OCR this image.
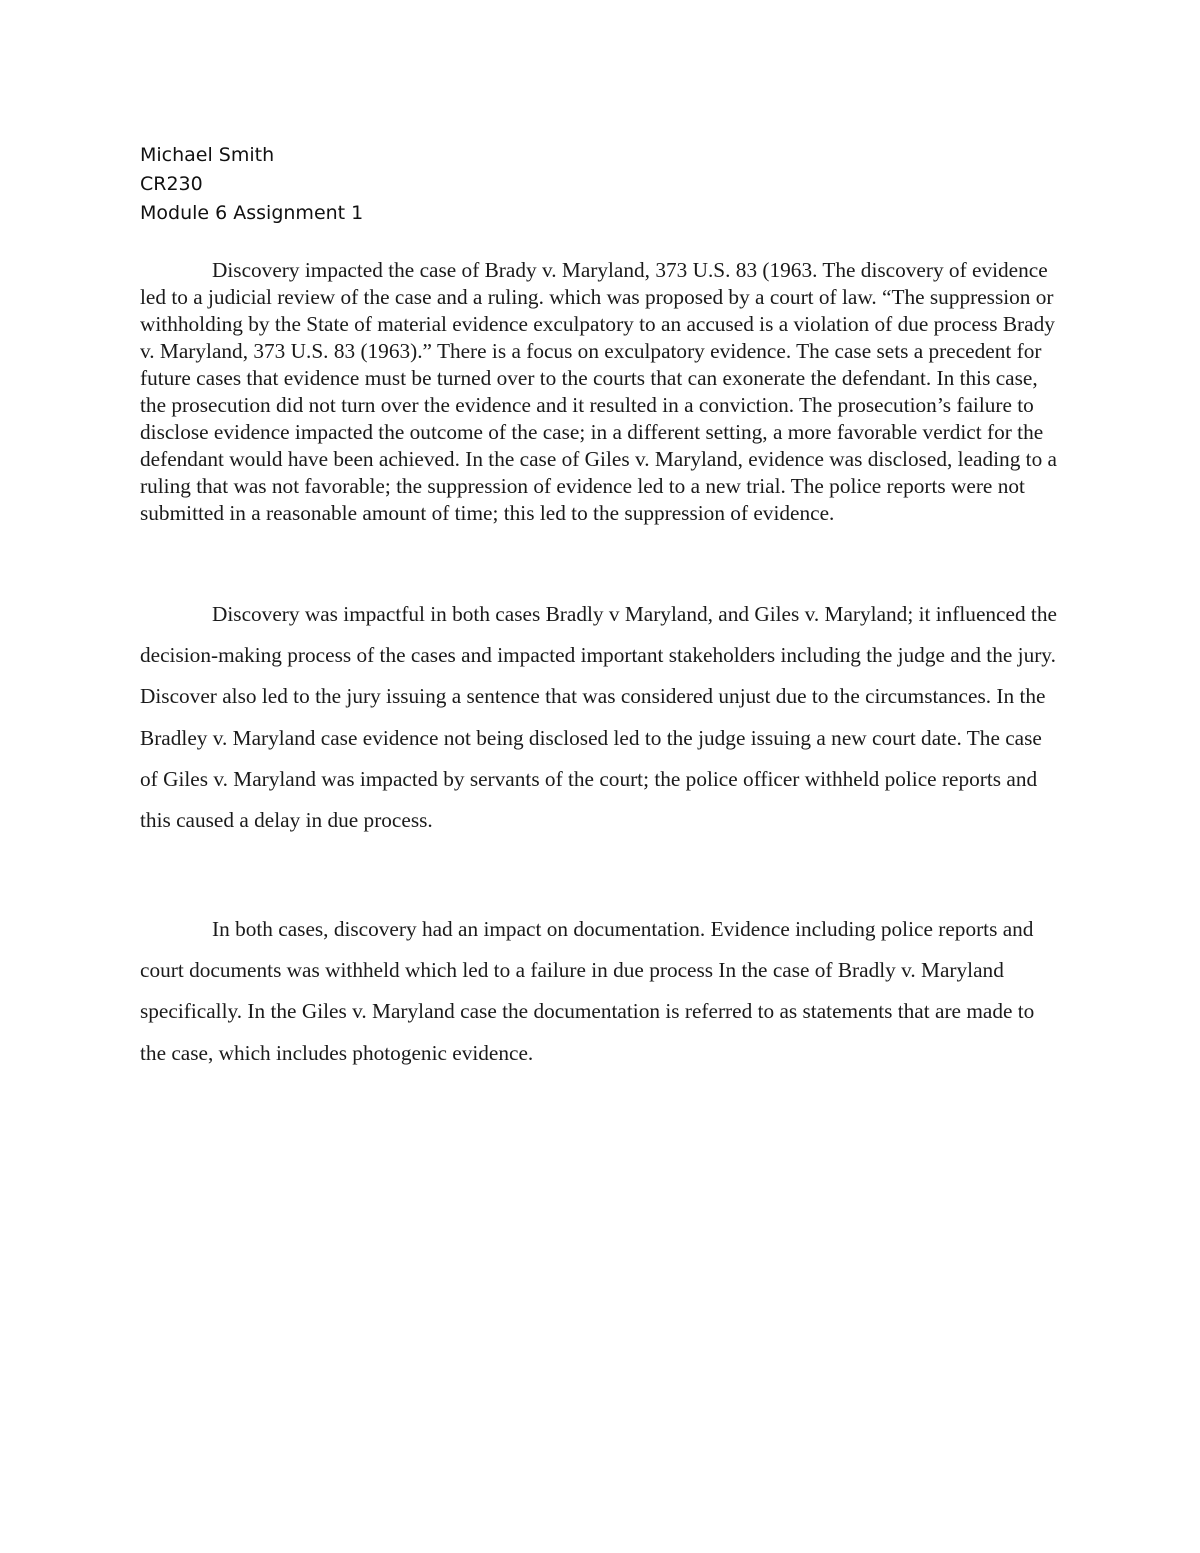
Michael Smith
CR230
Module 6 Assignment 1

Discovery impacted the case of Brady v. Maryland, 373 U.S. 83 (1963. The discovery of evidence led to a judicial review of the case and a ruling. which was proposed by a court of law. “The suppression or withholding by the State of material evidence exculpatory to an accused is a violation of due process Brady v. Maryland, 373 U.S. 83 (1963).” There is a focus on exculpatory evidence. The case sets a precedent for future cases that evidence must be turned over to the courts that can exonerate the defendant. In this case, the prosecution did not turn over the evidence and it resulted in a conviction. The prosecution’s failure to disclose evidence impacted the outcome of the case; in a different setting, a more favorable verdict for the defendant would have been achieved. In the case of Giles v. Maryland, evidence was disclosed, leading to a ruling that was not favorable; the suppression of evidence led to a new trial. The police reports were not submitted in a reasonable amount of time; this led to the suppression of evidence.

Discovery was impactful in both cases Bradly v Maryland, and Giles v. Maryland; it influenced the decision-making process of the cases and impacted important stakeholders including the judge and the jury. Discover also led to the jury issuing a sentence that was considered unjust due to the circumstances. In the Bradley v. Maryland case evidence not being disclosed led to the judge issuing a new court date. The case of Giles v. Maryland was impacted by servants of the court; the police officer withheld police reports and this caused a delay in due process.

In both cases, discovery had an impact on documentation. Evidence including police reports and court documents was withheld which led to a failure in due process In the case of Bradly v. Maryland specifically. In the Giles v. Maryland case the documentation is referred to as statements that are made to the case, which includes photogenic evidence.
